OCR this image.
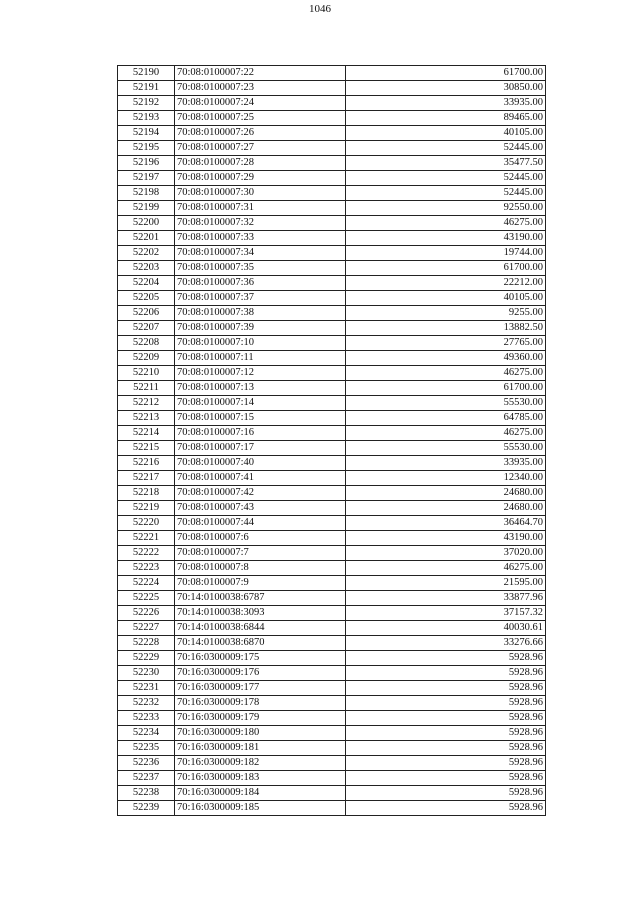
1046
52190	70:08:0100007:22	61700.00
52191	70:08:0100007:23	30850.00
52192	70:08:0100007:24	33935.00
52193	70:08:0100007:25	89465.00
52194	70:08:0100007:26	40105.00
52195	70:08:0100007:27	52445.00
52196	70:08:0100007:28	35477.50
52197	70:08:0100007:29	52445.00
52198	70:08:0100007:30	52445.00
52199	70:08:0100007:31	92550.00
52200	70:08:0100007:32	46275.00
52201	70:08:0100007:33	43190.00
52202	70:08:0100007:34	19744.00
52203	70:08:0100007:35	61700.00
52204	70:08:0100007:36	22212.00
52205	70:08:0100007:37	40105.00
52206	70:08:0100007:38	9255.00
52207	70:08:0100007:39	13882.50
52208	70:08:0100007:10	27765.00
52209	70:08:0100007:11	49360.00
52210	70:08:0100007:12	46275.00
52211	70:08:0100007:13	61700.00
52212	70:08:0100007:14	55530.00
52213	70:08:0100007:15	64785.00
52214	70:08:0100007:16	46275.00
52215	70:08:0100007:17	55530.00
52216	70:08:0100007:40	33935.00
52217	70:08:0100007:41	12340.00
52218	70:08:0100007:42	24680.00
52219	70:08:0100007:43	24680.00
52220	70:08:0100007:44	36464.70
52221	70:08:0100007:6	43190.00
52222	70:08:0100007:7	37020.00
52223	70:08:0100007:8	46275.00
52224	70:08:0100007:9	21595.00
52225	70:14:0100038:6787	33877.96
52226	70:14:0100038:3093	37157.32
52227	70:14:0100038:6844	40030.61
52228	70:14:0100038:6870	33276.66
52229	70:16:0300009:175	5928.96
52230	70:16:0300009:176	5928.96
52231	70:16:0300009:177	5928.96
52232	70:16:0300009:178	5928.96
52233	70:16:0300009:179	5928.96
52234	70:16:0300009:180	5928.96
52235	70:16:0300009:181	5928.96
52236	70:16:0300009:182	5928.96
52237	70:16:0300009:183	5928.96
52238	70:16:0300009:184	5928.96
52239	70:16:0300009:185	5928.96
